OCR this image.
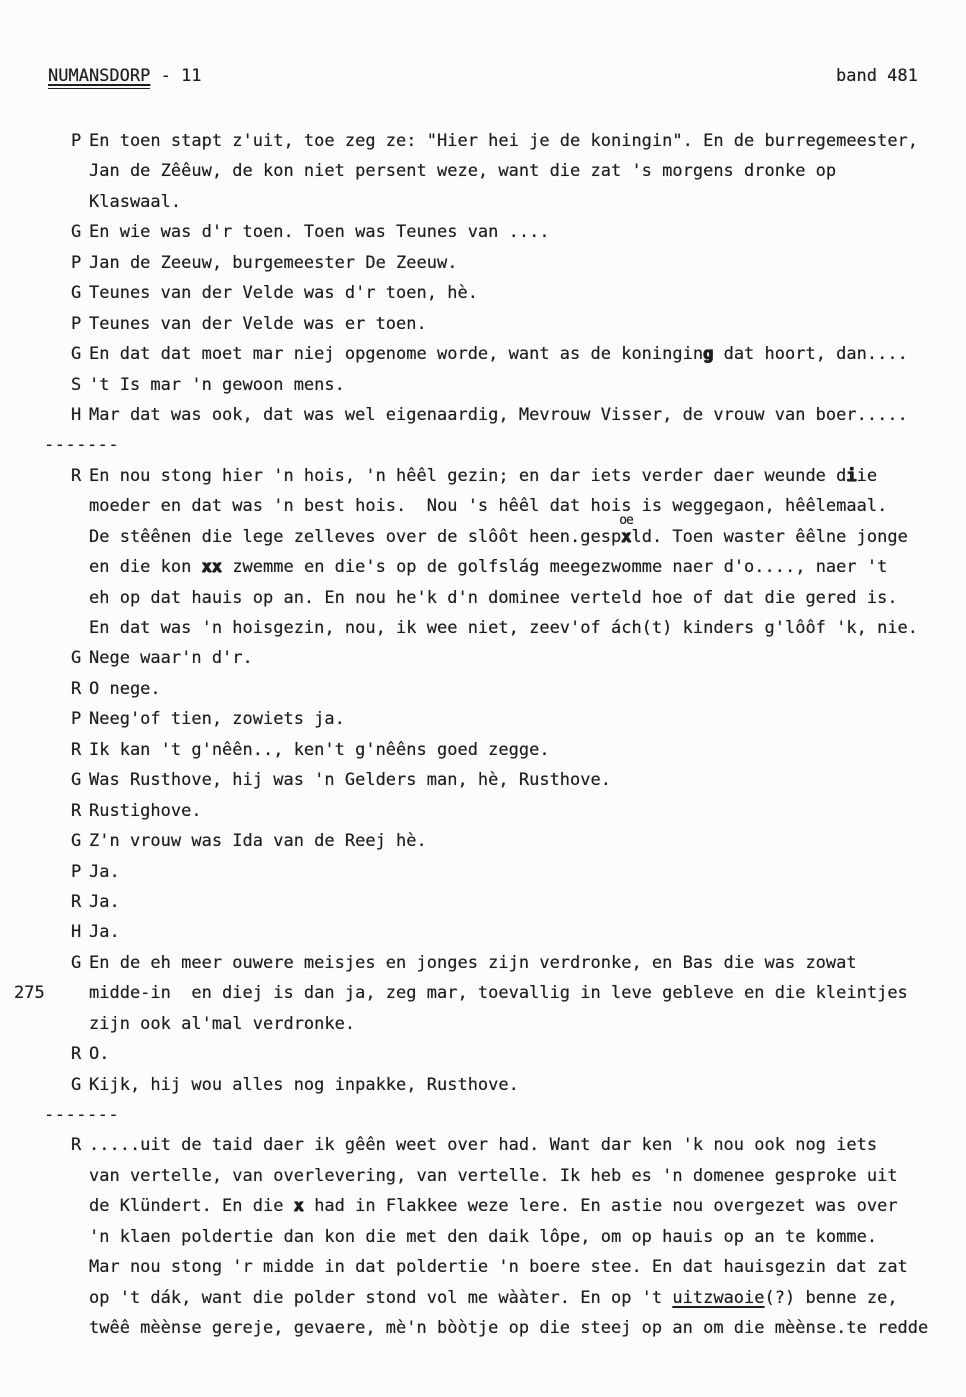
NUMANSDORP - 11	band 481
P En toen stapt z'uit, toe zeg ze: "Hier hei je de koningin". En de burregemeester,
Jan de Zêêuw, de kon niet persent weze, want die zat 's morgens dronke op
Klaswaal.
G En wie was d'r toen. Toen was Teunes van ....
P Jan de Zeeuw, burgemeester De Zeeuw.
G Teunes van der Velde was d'r toen, hè.
P Teunes van der Velde was er toen.
G En dat dat moet mar niej opgenome worde, want as de koninging dat hoort, dan....
S 't Is mar 'n gewoon mens.
H Mar dat was ook, dat was wel eigenaardig, Mevrouw Visser, de vrouw van boer.....
-------
R En nou stong hier 'n hois, 'n hêêl gezin; en dar iets verder daer weunde diie
moeder en dat was 'n best hois.  Nou 's hêêl dat hois is weggegaon, hêêlemaal.
De stêênen die lege zelleves over de slôôt heen.gesp
oe
xld. Toen waster êêlne jonge
en die kon xx zwemme en die's op de golfslág meegezwomme naer d'o...., naer 't
eh op dat hauis op an. En nou he'k d'n dominee verteld hoe of dat die gered is.
En dat was 'n hoisgezin, nou, ik wee niet, zeev'of ách(t) kinders g'lôôf 'k, nie.
G Nege waar'n d'r.
R O nege.
P Neeg'of tien, zowiets ja.
R Ik kan 't g'nêên.., ken't g'nêêns goed zegge.
G Was Rusthove, hij was 'n Gelders man, hè, Rusthove.
R Rustighove.
G Z'n vrouw was Ida van de Reej hè.
P Ja.
R Ja.
H Ja.
G En de eh meer ouwere meisjes en jonges zijn verdronke, en Bas die was zowat
275	midde-in  en diej is dan ja, zeg mar, toevallig in leve gebleve en die kleintjes
zijn ook al'mal verdronke.
R O.
G Kijk, hij wou alles nog inpakke, Rusthove.
-------
R .....uit de taid daer ik gêên weet over had. Want dar ken 'k nou ook nog iets
van vertelle, van overlevering, van vertelle. Ik heb es 'n domenee gesproke uit
de Klündert. En die x had in Flakkee weze lere. En astie nou overgezet was over
'n klaen poldertie dan kon die met den daik lôpe, om op hauis op an te komme.
Mar nou stong 'r midde in dat poldertie 'n boere stee. En dat hauisgezin dat zat
op 't dák, want die polder stond vol me wààter. En op 't uitzwaoie(?) benne ze,
twêê mèènse gereje, gevaere, mè'n bòòtje op die steej op an om die mèènse.te redde
